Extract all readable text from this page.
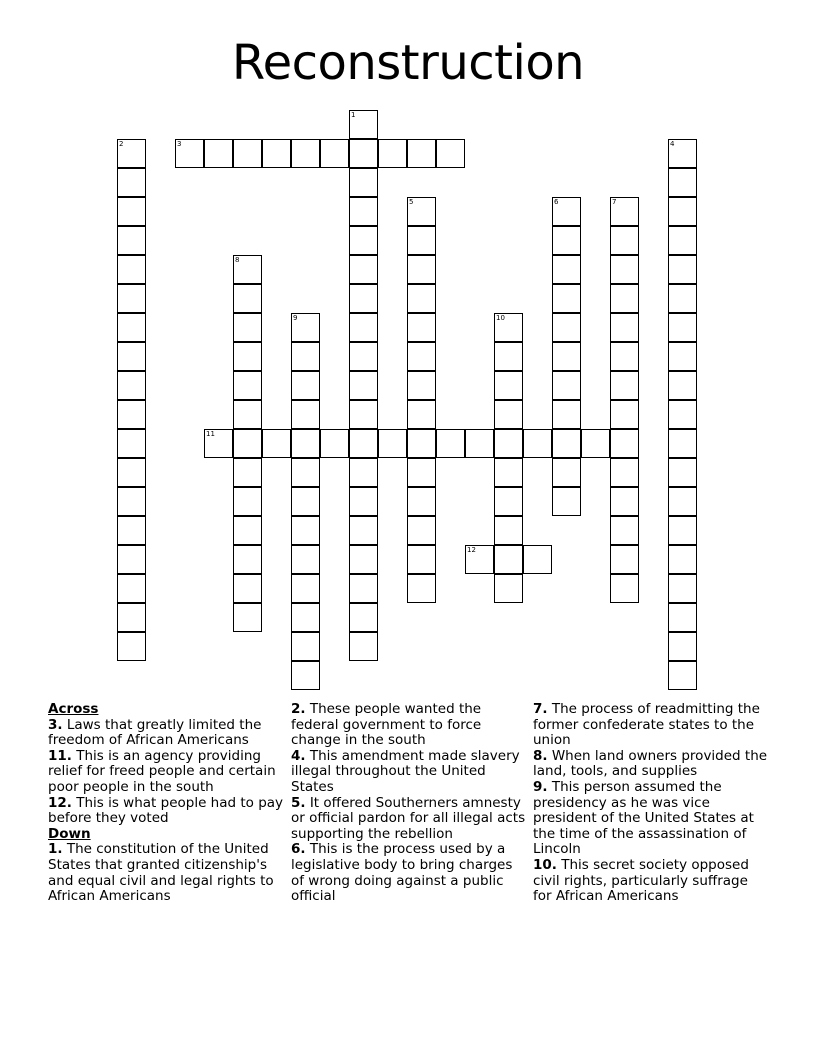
Reconstruction
1
2	3	4
5	6	7
8
9	10
11
12
Across
3. Laws that greatly limited the freedom of African Americans
11. This is an agency providing relief for freed people and certain poor people in the south
12. This is what people had to pay before they voted
Down
1. The constitution of the United States that granted citizenship's and equal civil and legal rights to African Americans
2. These people wanted the federal government to force change in the south
4. This amendment made slavery illegal throughout the United States
5. It offered Southerners amnesty or official pardon for all illegal acts supporting the rebellion
6. This is the process used by a legislative body to bring charges of wrong doing against a public official
7. The process of readmitting the former confederate states to the union
8. When land owners provided the land, tools, and supplies
9. This person assumed the presidency as he was vice president of the United States at the time of the assassination of Lincoln
10. This secret society opposed civil rights, particularly suffrage for African Americans
